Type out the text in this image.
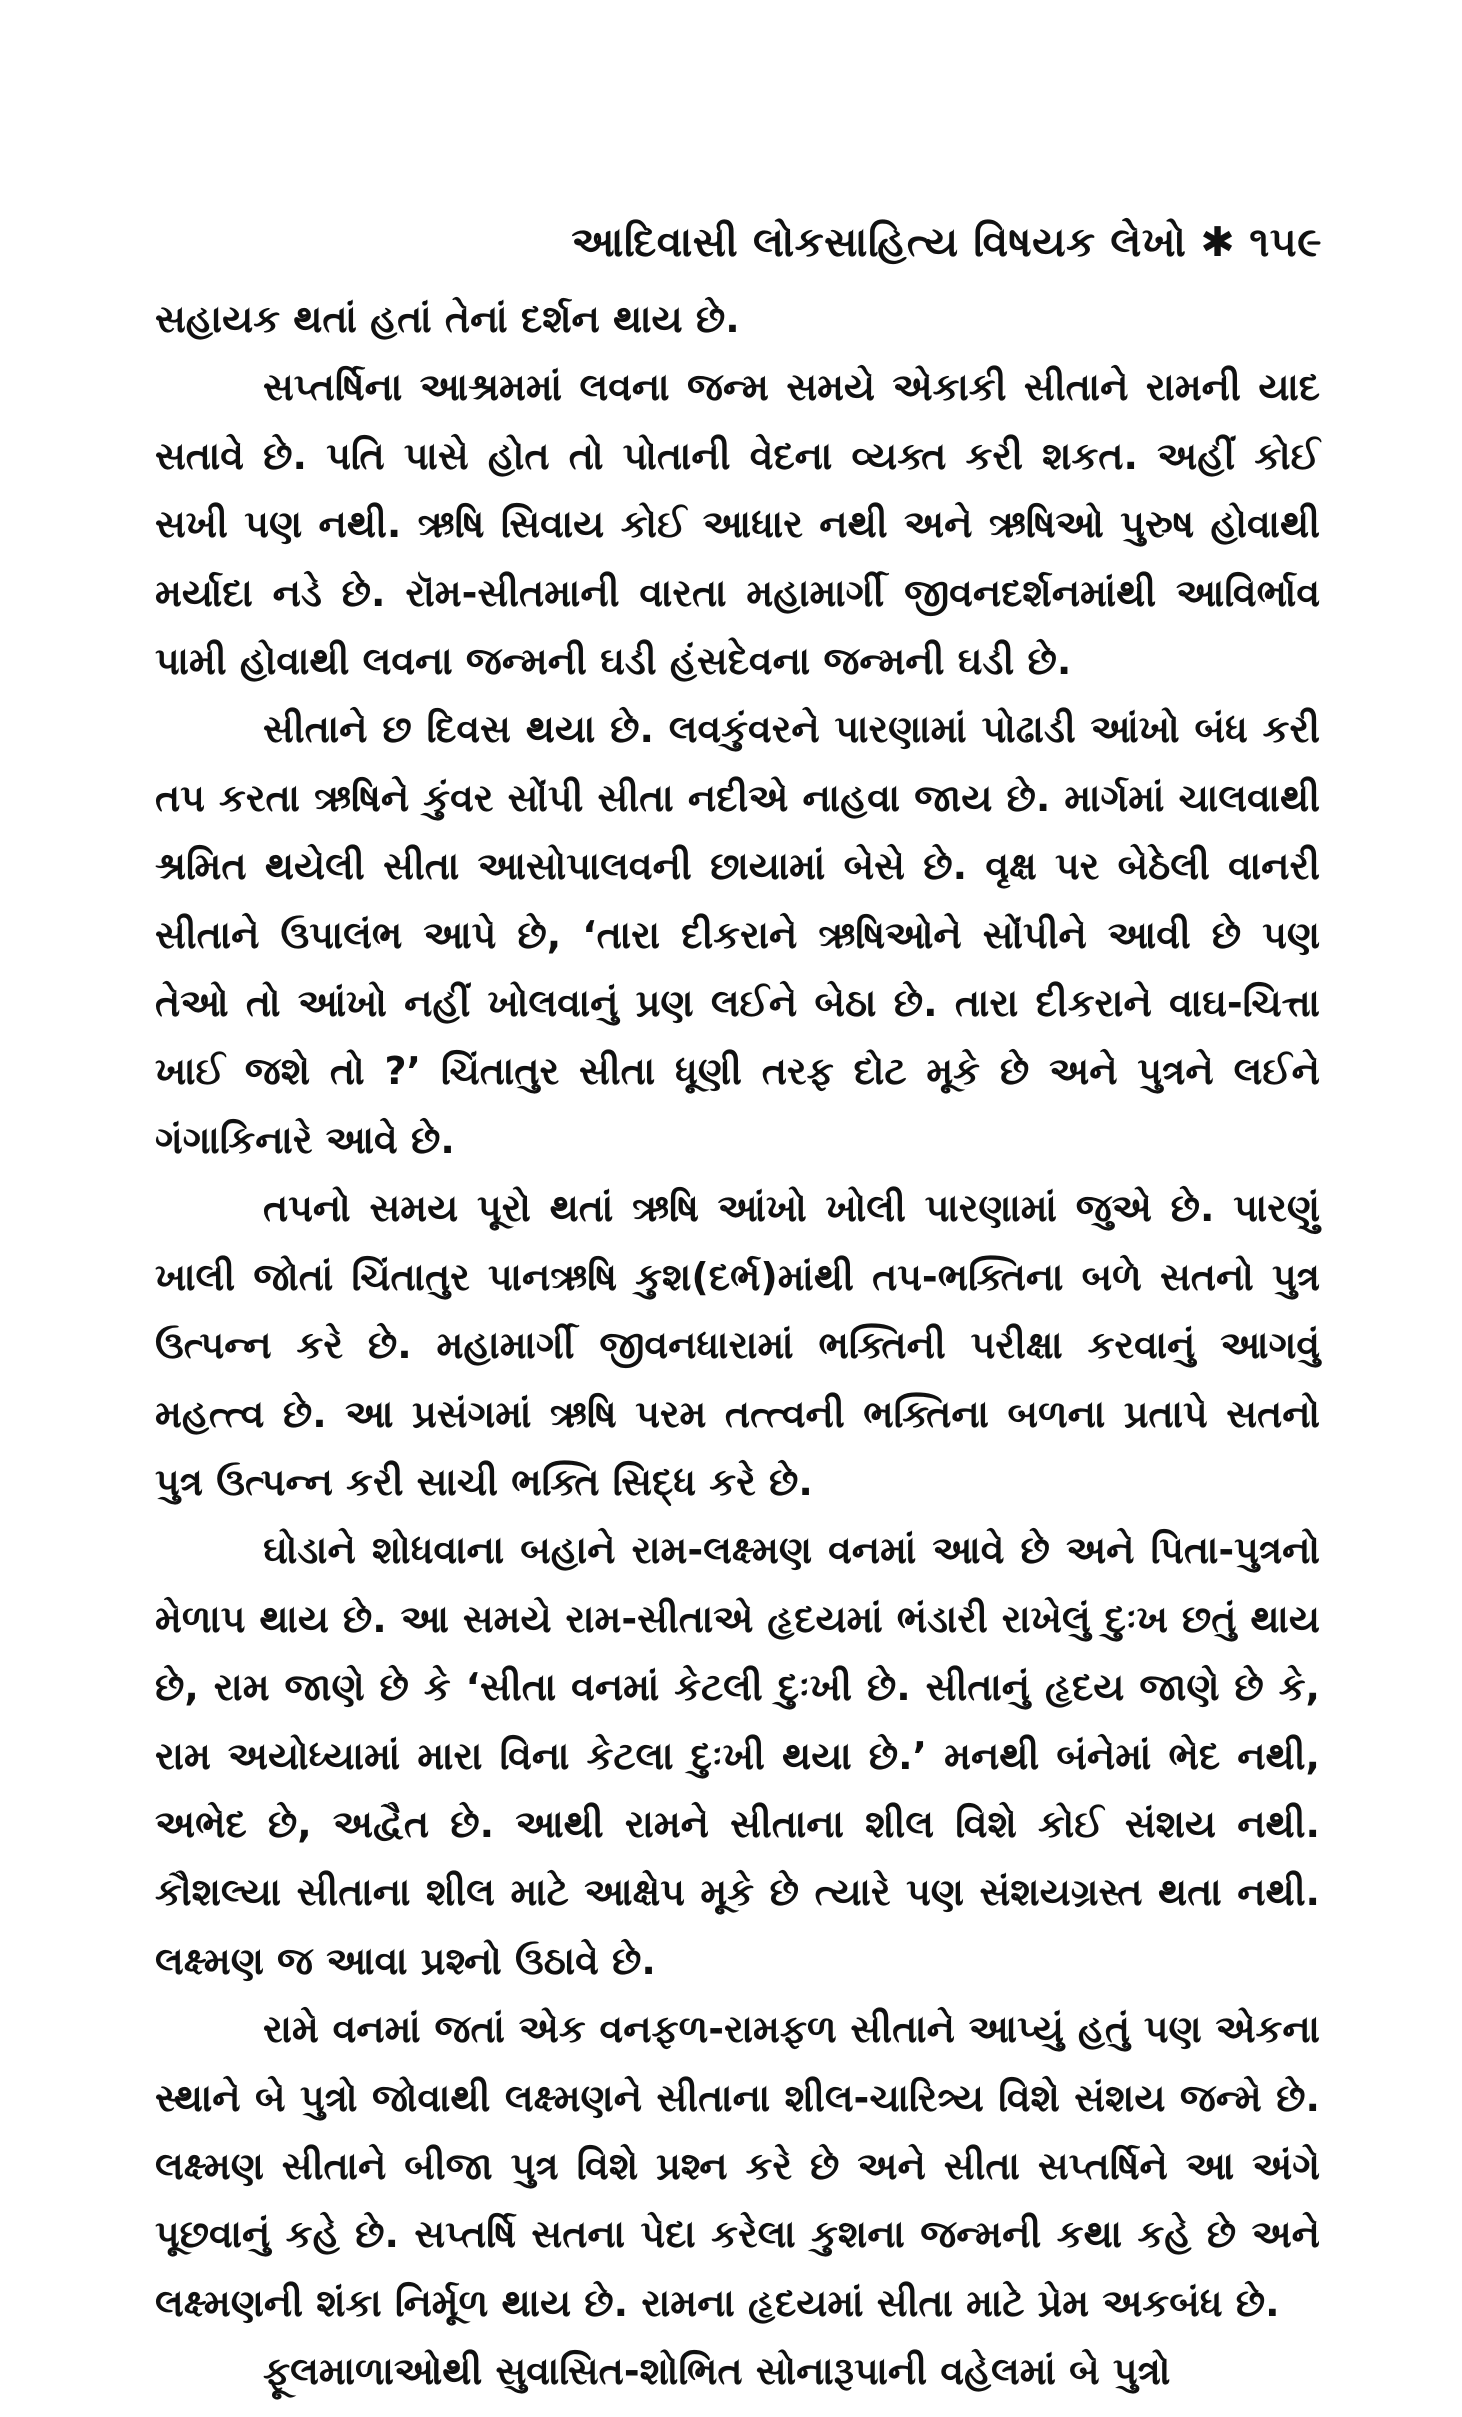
આદિવાસી લોકસાહિત્ય વિષયક લેખો ✱ ૧૫૯

સહાયક થતાં હતાં તેનાં દર્શન થાય છે.

સપ્તર્ષિના આશ્રમમાં લવના જન્મ સમયે એકાકી સીતાને રામની યાદ સતાવે છે. પતિ પાસે હોત તો પોતાની વેદના વ્યક્ત કરી શકત. અહીં કોઈ સખી પણ નથી. ઋષિ સિવાય કોઈ આધાર નથી અને ઋષિઓ પુરુષ હોવાથી મર્યાદા નડે છે. રૉમ-સીતમાની વારતા મહામાર્ગી જીવનદર્શનમાંથી આવિર્ભાવ પામી હોવાથી લવના જન્મની ઘડી હંસદેવના જન્મની ઘડી છે.

સીતાને છ દિવસ થયા છે. લવકુંવરને પારણામાં પોઢાડી આંખો બંધ કરી તપ કરતા ઋષિને કુંવર સોંપી સીતા નદીએ નાહવા જાય છે. માર્ગમાં ચાલવાથી શ્રમિત થયેલી સીતા આસોપાલવની છાયામાં બેસે છે. વૃક્ષ પર બેઠેલી વાનરી સીતાને ઉપાલંભ આપે છે, ‘તારા દીકરાને ઋષિઓને સોંપીને આવી છે પણ તેઓ તો આંખો નહીં ખોલવાનું પ્રણ લઈને બેઠા છે. તારા દીકરાને વાઘ-ચિત્તા ખાઈ જશે તો ?’ ચિંતાતુર સીતા ધૂણી તરફ દોટ મૂકે છે અને પુત્રને લઈને ગંગાકિનારે આવે છે.

તપનો સમય પૂરો થતાં ઋષિ આંખો ખોલી પારણામાં જુએ છે. પારણું ખાલી જોતાં ચિંતાતુર પાનઋષિ કુશ(દર્ભ)માંથી તપ-ભક્તિના બળે સતનો પુત્ર ઉત્પન્ન કરે છે. મહામાર્ગી જીવનધારામાં ભક્તિની પરીક્ષા કરવાનું આગવું મહત્ત્વ છે. આ પ્રસંગમાં ઋષિ પરમ તત્ત્વની ભક્તિના બળના પ્રતાપે સતનો પુત્ર ઉત્પન્ન કરી સાચી ભક્તિ સિદ્ધ કરે છે.

ઘોડાને શોધવાના બહાને રામ-લક્ષ્મણ વનમાં આવે છે અને પિતા-પુત્રનો મેળાપ થાય છે. આ સમયે રામ-સીતાએ હૃદયમાં ભંડારી રાખેલું દુઃખ છતું થાય છે, રામ જાણે છે કે ‘સીતા વનમાં કેટલી દુઃખી છે. સીતાનું હૃદય જાણે છે કે, રામ અયોધ્યામાં મારા વિના કેટલા દુઃખી થયા છે.’ મનથી બંનેમાં ભેદ નથી, અભેદ છે, અદ્વૈત છે. આથી રામને સીતાના શીલ વિશે કોઈ સંશય નથી. કૌશલ્યા સીતાના શીલ માટે આક્ષેપ મૂકે છે ત્યારે પણ સંશયગ્રસ્ત થતા નથી. લક્ષ્મણ જ આવા પ્રશ્નો ઉઠાવે છે.

રામે વનમાં જતાં એક વનફળ-રામફળ સીતાને આપ્યું હતું પણ એકના સ્થાને બે પુત્રો જોવાથી લક્ષ્મણને સીતાના શીલ-ચારિત્ર્ય વિશે સંશય જન્મે છે. લક્ષ્મણ સીતાને બીજા પુત્ર વિશે પ્રશ્ન કરે છે અને સીતા સપ્તર્ષિને આ અંગે પૂછવાનું કહે છે. સપ્તર્ષિ સતના પેદા કરેલા કુશના જન્મની કથા કહે છે અને લક્ષ્મણની શંકા નિર્મૂળ થાય છે. રામના હૃદયમાં સીતા માટે પ્રેમ અકબંધ છે.

ફૂલમાળાઓથી સુવાસિત-શોભિત સોનારૂપાની વહેલમાં બે પુત્રો
